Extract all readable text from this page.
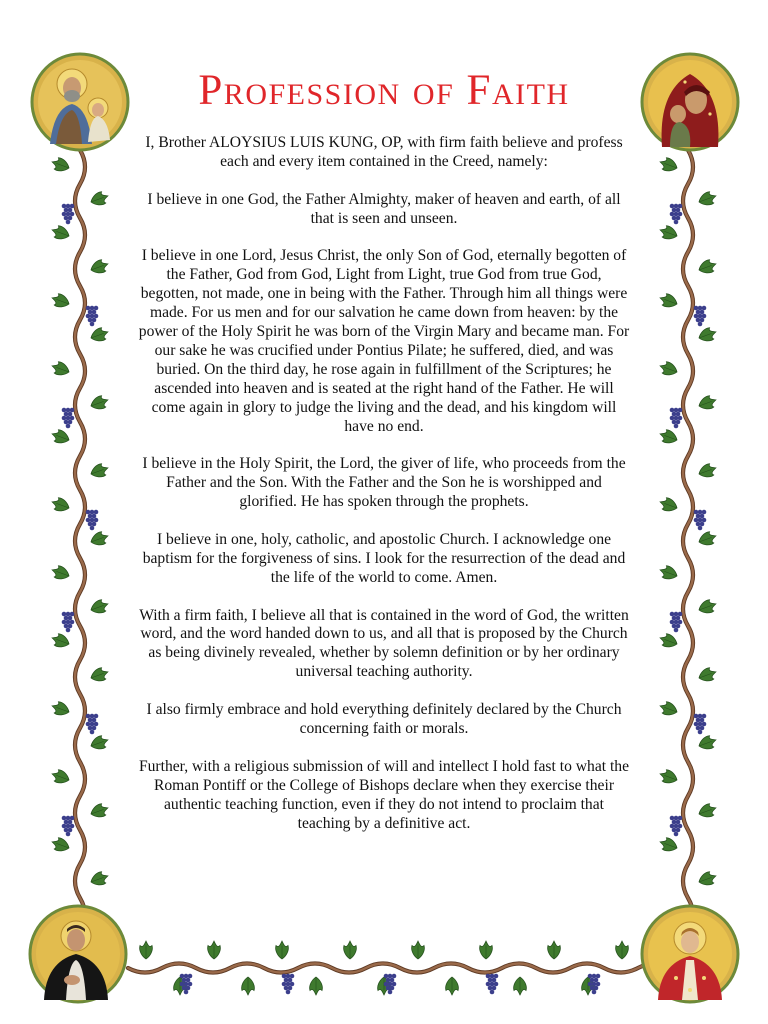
Profession of Faith

I, Brother ALOYSIUS LUIS KUNG, OP, with firm faith believe and profess each and every item contained in the Creed, namely:

I believe in one God, the Father Almighty, maker of heaven and earth, of all that is seen and unseen.

I believe in one Lord, Jesus Christ, the only Son of God, eternally begotten of the Father, God from God, Light from Light, true God from true God, begotten, not made, one in being with the Father. Through him all things were made. For us men and for our salvation he came down from heaven: by the power of the Holy Spirit he was born of the Virgin Mary and became man. For our sake he was crucified under Pontius Pilate; he suffered, died, and was buried. On the third day, he rose again in fulfillment of the Scriptures; he ascended into heaven and is seated at the right hand of the Father. He will come again in glory to judge the living and the dead, and his kingdom will have no end.

I believe in the Holy Spirit, the Lord, the giver of life, who proceeds from the Father and the Son. With the Father and the Son he is worshipped and glorified. He has spoken through the prophets.

I believe in one, holy, catholic, and apostolic Church. I acknowledge one baptism for the forgiveness of sins. I look for the resurrection of the dead and the life of the world to come. Amen.

With a firm faith, I believe all that is contained in the word of God, the written word, and the word handed down to us, and all that is proposed by the Church as being divinely revealed, whether by solemn definition or by her ordinary universal teaching authority.

I also firmly embrace and hold everything definitely declared by the Church concerning faith or morals.

Further, with a religious submission of will and intellect I hold fast to what the Roman Pontiff or the College of Bishops declare when they exercise their authentic teaching function, even if they do not intend to proclaim that teaching by a definitive act.
